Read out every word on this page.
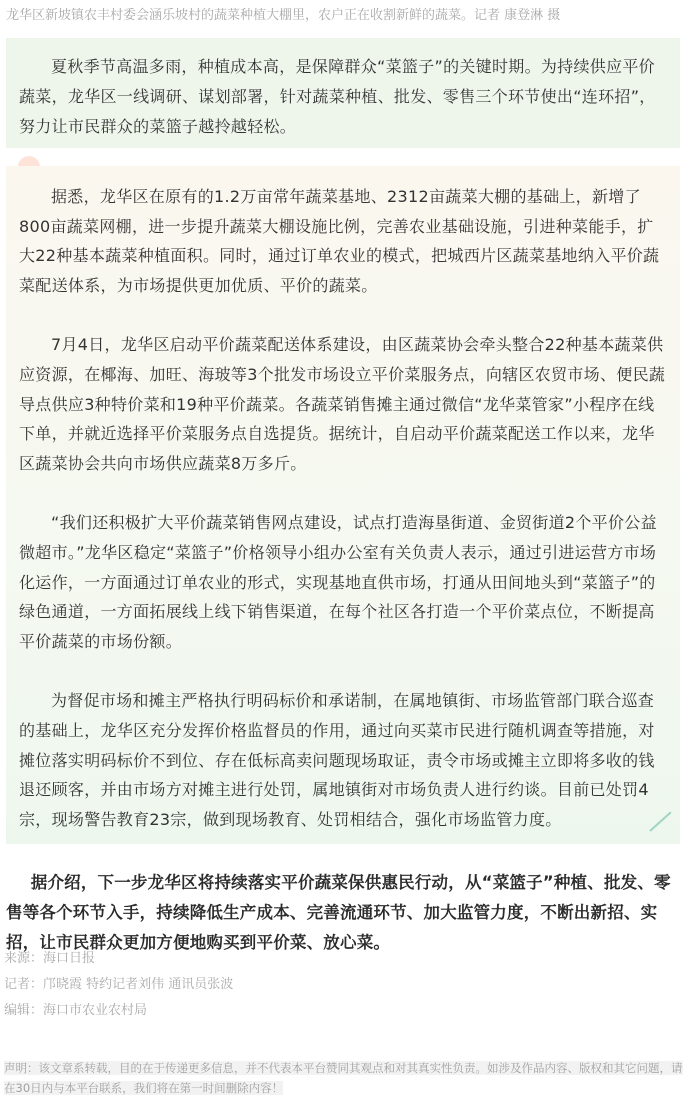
龙华区新坡镇农丰村委会涵乐坡村的蔬菜种植大棚里，农户正在收割新鲜的蔬菜。记者 康登淋 摄

夏秋季节高温多雨，种植成本高，是保障群众“菜篮子”的关键时期。为持续供应平价蔬菜，龙华区一线调研、谋划部署，针对蔬菜种植、批发、零售三个环节使出“连环招”，努力让市民群众的菜篮子越拎越轻松。

据悉，龙华区在原有的1.2万亩常年蔬菜基地、2312亩蔬菜大棚的基础上，新增了800亩蔬菜网棚，进一步提升蔬菜大棚设施比例，完善农业基础设施，引进种菜能手，扩大22种基本蔬菜种植面积。同时，通过订单农业的模式，把城西片区蔬菜基地纳入平价蔬菜配送体系，为市场提供更加优质、平价的蔬菜。

7月4日，龙华区启动平价蔬菜配送体系建设，由区蔬菜协会牵头整合22种基本蔬菜供应资源，在椰海、加旺、海玻等3个批发市场设立平价菜服务点，向辖区农贸市场、便民蔬导点供应3种特价菜和19种平价蔬菜。各蔬菜销售摊主通过微信“龙华菜管家”小程序在线下单，并就近选择平价菜服务点自选提货。据统计，自启动平价蔬菜配送工作以来，龙华区蔬菜协会共向市场供应蔬菜8万多斤。

“我们还积极扩大平价蔬菜销售网点建设，试点打造海垦街道、金贸街道2个平价公益微超市。”龙华区稳定“菜篮子”价格领导小组办公室有关负责人表示，通过引进运营方市场化运作，一方面通过订单农业的形式，实现基地直供市场，打通从田间地头到“菜篮子”的绿色通道，一方面拓展线上线下销售渠道，在每个社区各打造一个平价菜点位，不断提高平价蔬菜的市场份额。

为督促市场和摊主严格执行明码标价和承诺制，在属地镇街、市场监管部门联合巡查的基础上，龙华区充分发挥价格监督员的作用，通过向买菜市民进行随机调查等措施，对摊位落实明码标价不到位、存在低标高卖问题现场取证，责令市场或摊主立即将多收的钱退还顾客，并由市场方对摊主进行处罚，属地镇街对市场负责人进行约谈。目前已处罚4宗，现场警告教育23宗，做到现场教育、处罚相结合，强化市场监管力度。

据介绍，下一步龙华区将持续落实平价蔬菜保供惠民行动，从“菜篮子”种植、批发、零售等各个环节入手，持续降低生产成本、完善流通环节、加大监管力度，不断出新招、实招，让市民群众更加方便地购买到平价菜、放心菜。

来源：海口日报
记者：邝晓霞 特约记者刘伟 通讯员张波
编辑：海口市农业农村局
声明：该文章系转载，目的在于传递更多信息，并不代表本平台赞同其观点和对其真实性负责。如涉及作品内容、版权和其它问题，请在30日内与本平台联系，我们将在第一时间删除内容！
